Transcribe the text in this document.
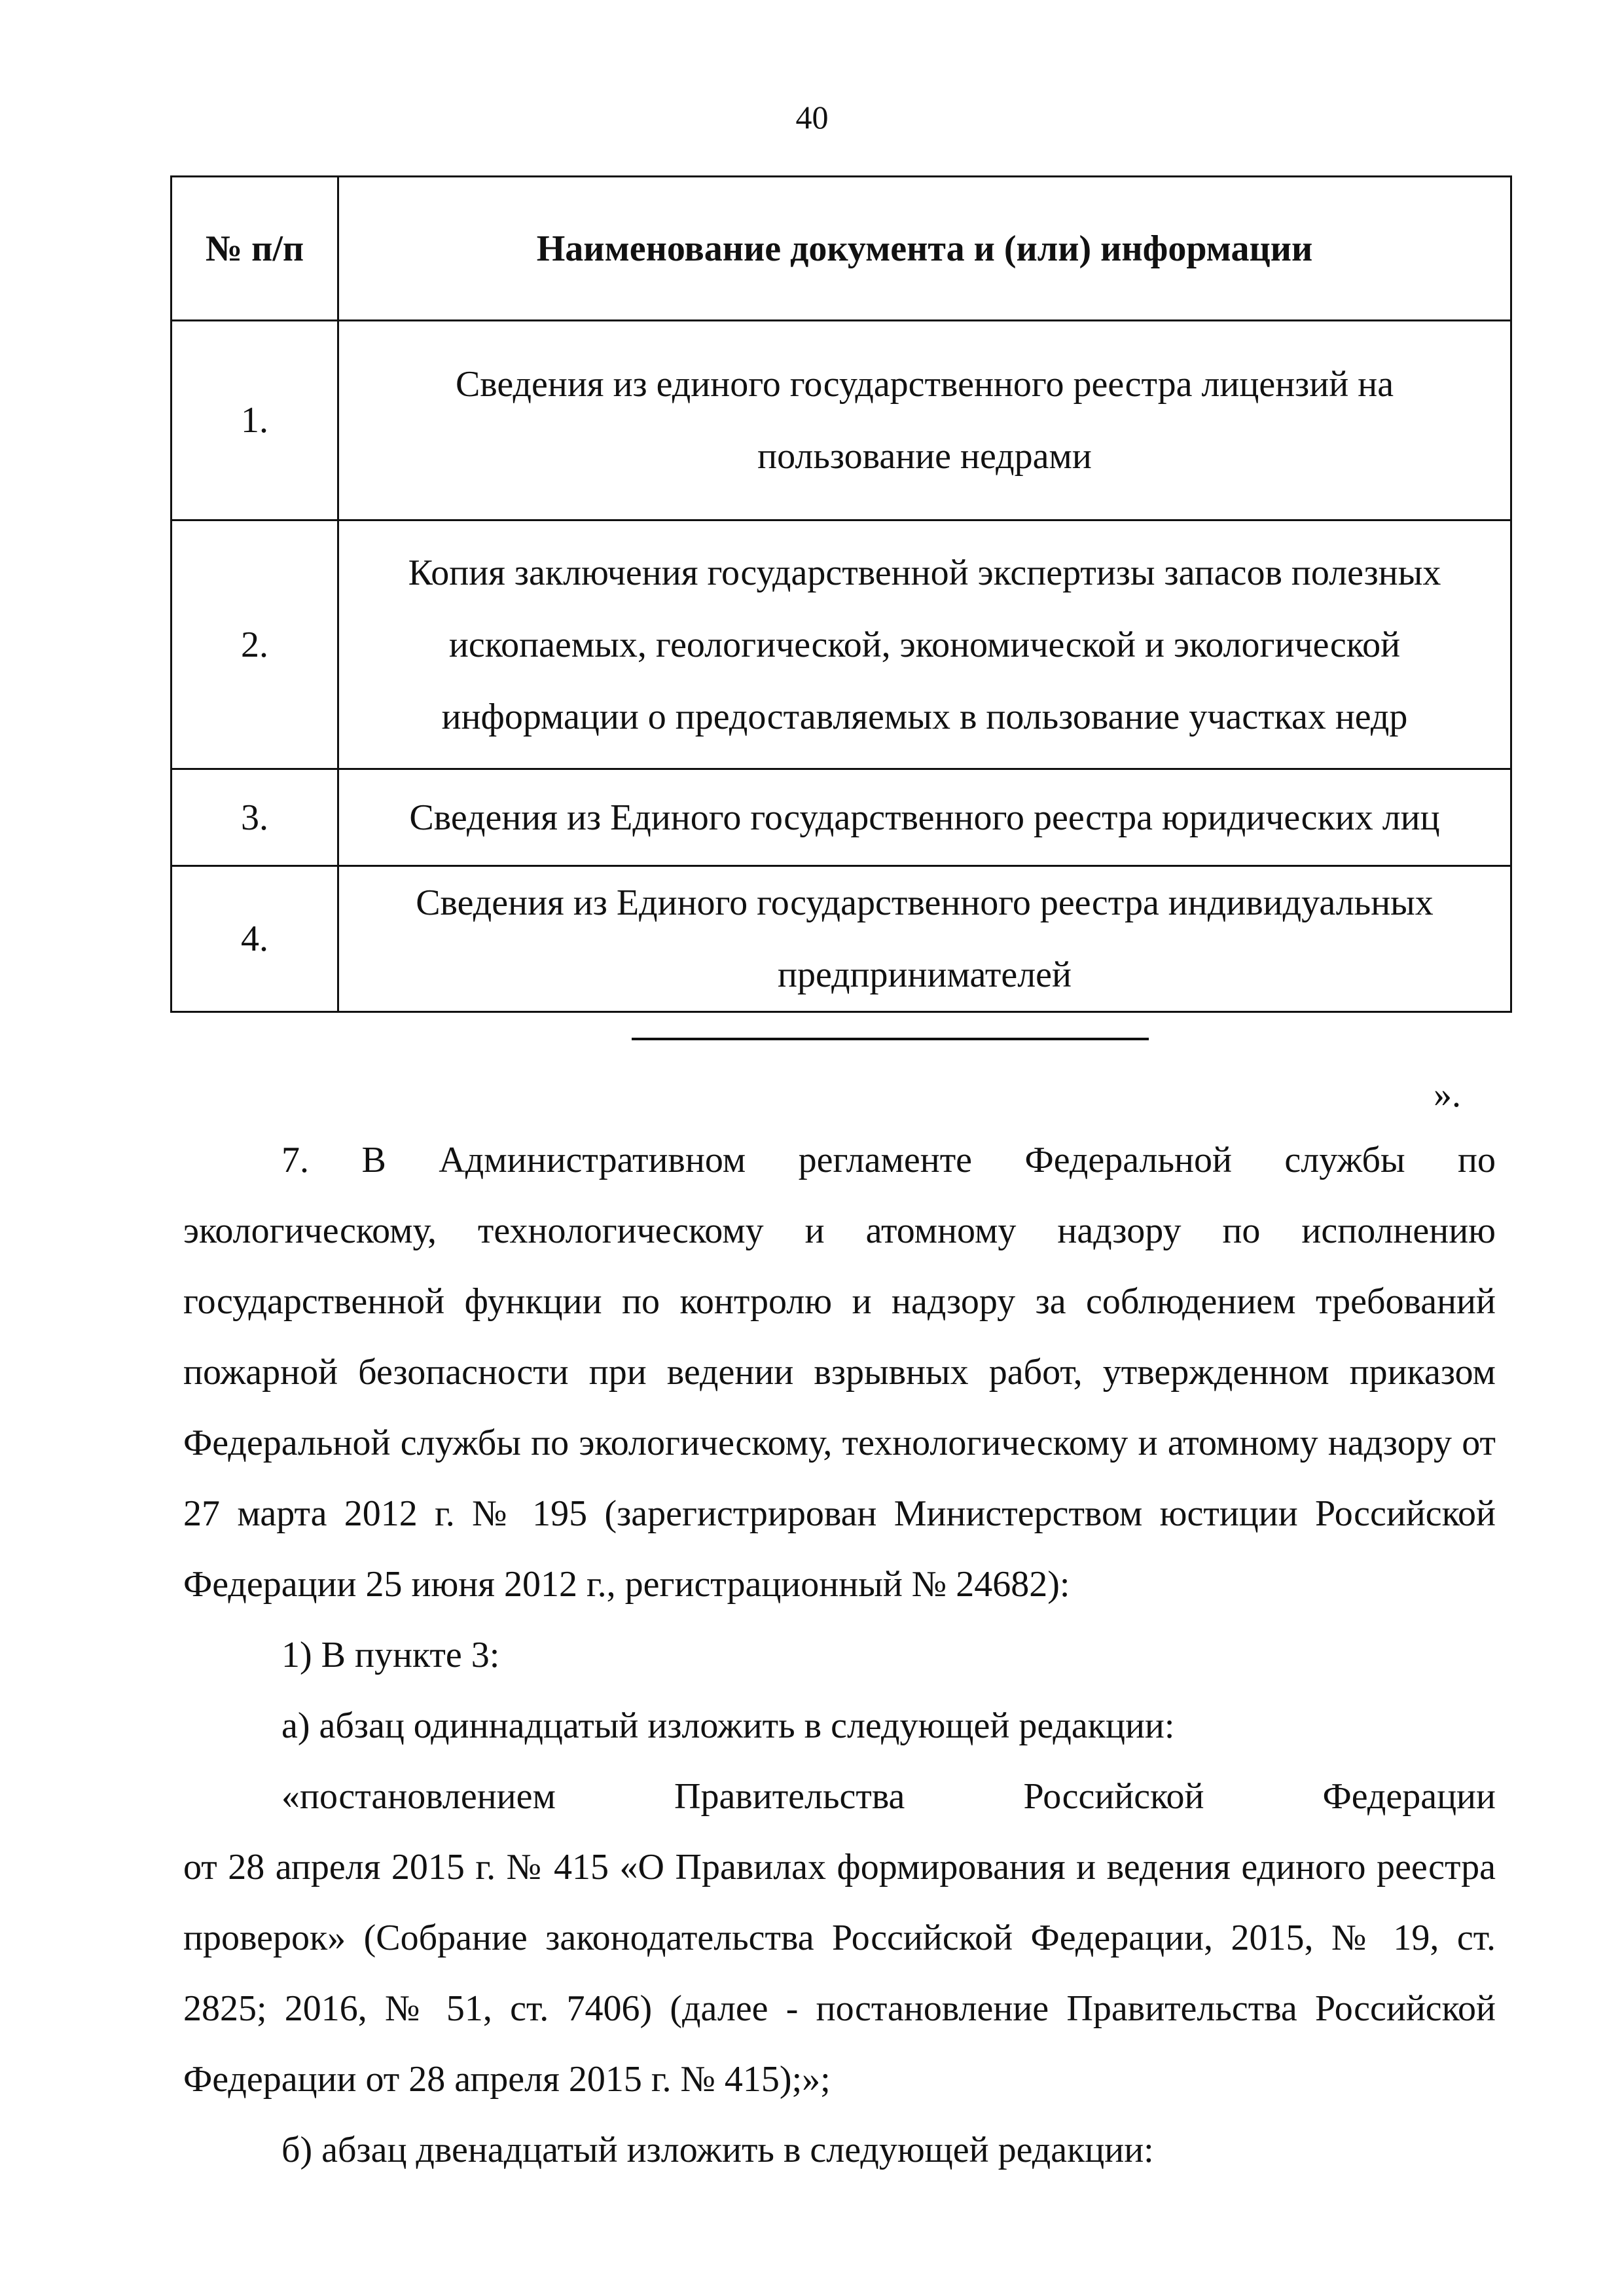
40
№ п/п	Наименование документа и (или) информации
1.	Сведения из единого государственного реестра лицензий на пользование недрами
2.	Копия заключения государственной экспертизы запасов полезных ископаемых, геологической, экономической и экологической информации о предоставляемых в пользование участках недр
3.	Сведения из Единого государственного реестра юридических лиц
4.	Сведения из Единого государственного реестра индивидуальных предпринимателей
».

7. В Административном регламенте Федеральной службы по экологическому, технологическому и атомному надзору по исполнению государственной функции по контролю и надзору за соблюдением требований пожарной безопасности при ведении взрывных работ, утвержденном приказом Федеральной службы по экологическому, технологическому и атомному надзору от 27 марта 2012 г. № 195 (зарегистрирован Министерством юстиции Российской Федерации 25 июня 2012 г., регистрационный № 24682):

1) В пункте 3:

а) абзац одиннадцатый изложить в следующей редакции:

«постановлением Правительства Российской Федерации

от 28 апреля 2015 г. № 415 «О Правилах формирования и ведения единого реестра проверок» (Собрание законодательства Российской Федерации, 2015, № 19, ст. 2825; 2016, № 51, ст. 7406) (далее - постановление Правительства Российской Федерации от 28 апреля 2015 г. № 415);»;

б) абзац двенадцатый изложить в следующей редакции:
